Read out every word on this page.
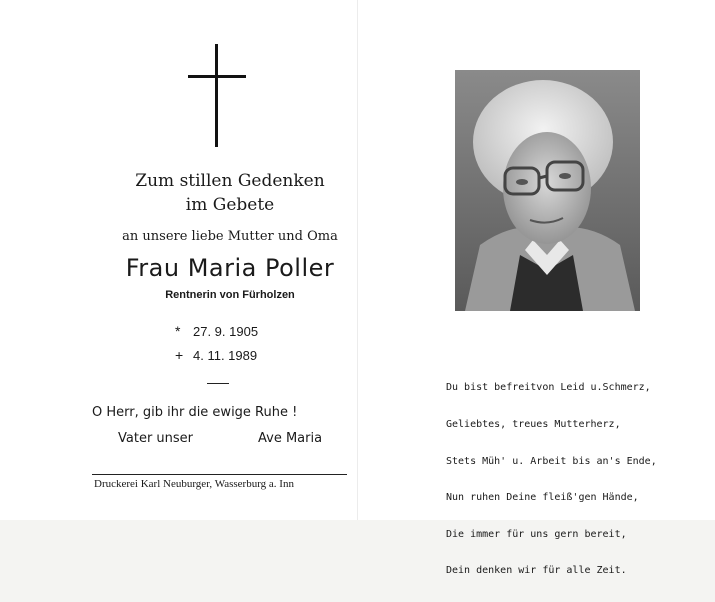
Zum stillen Gedenken
im Gebete
an unsere liebe Mutter und Oma
Frau Maria Poller
Rentnerin von Fürholzen
* 27. 9. 1905
+ 4. 11. 1989
O Herr, gib ihr die ewige Ruhe !
Vater unser	Ave Maria
Druckerei Karl Neuburger, Wasserburg a. Inn

Du bist befreitvon Leid u.Schmerz,

Geliebtes, treues Mutterherz,

Stets Müh' u. Arbeit bis an's Ende,

Nun ruhen Deine fleiß'gen Hände,

Die immer für uns gern bereit,

Dein denken wir für alle Zeit.
